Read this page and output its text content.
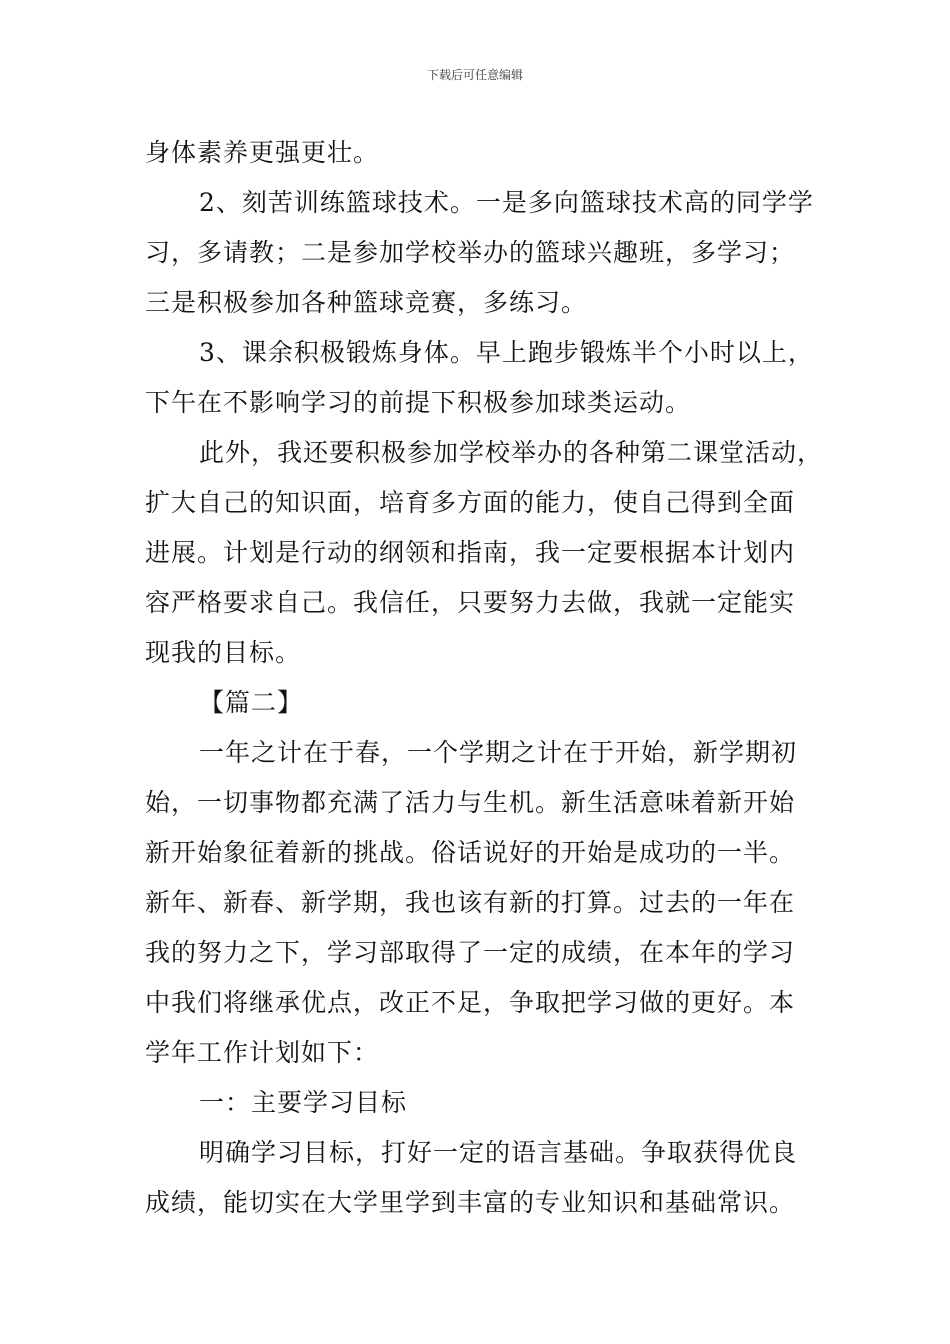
下载后可任意编辑
身体素养更强更壮。
2、刻苦训练篮球技术。一是多向篮球技术高的同学学
习，多请教；二是参加学校举办的篮球兴趣班，多学习；
三是积极参加各种篮球竞赛，多练习。
3、课余积极锻炼身体。早上跑步锻炼半个小时以上，
下午在不影响学习的前提下积极参加球类运动。
此外，我还要积极参加学校举办的各种第二课堂活动，
扩大自己的知识面，培育多方面的能力，使自己得到全面
进展。计划是行动的纲领和指南，我一定要根据本计划内
容严格要求自己。我信任，只要努力去做，我就一定能实
现我的目标。
【篇二】
一年之计在于春，一个学期之计在于开始，新学期初
始，一切事物都充满了活力与生机。新生活意味着新开始
新开始象征着新的挑战。俗话说好的开始是成功的一半。
新年、新春、新学期，我也该有新的打算。过去的一年在
我的努力之下，学习部取得了一定的成绩，在本年的学习
中我们将继承优点，改正不足，争取把学习做的更好。本
学年工作计划如下：
一：主要学习目标
明确学习目标，打好一定的语言基础。争取获得优良
成绩，能切实在大学里学到丰富的专业知识和基础常识。
